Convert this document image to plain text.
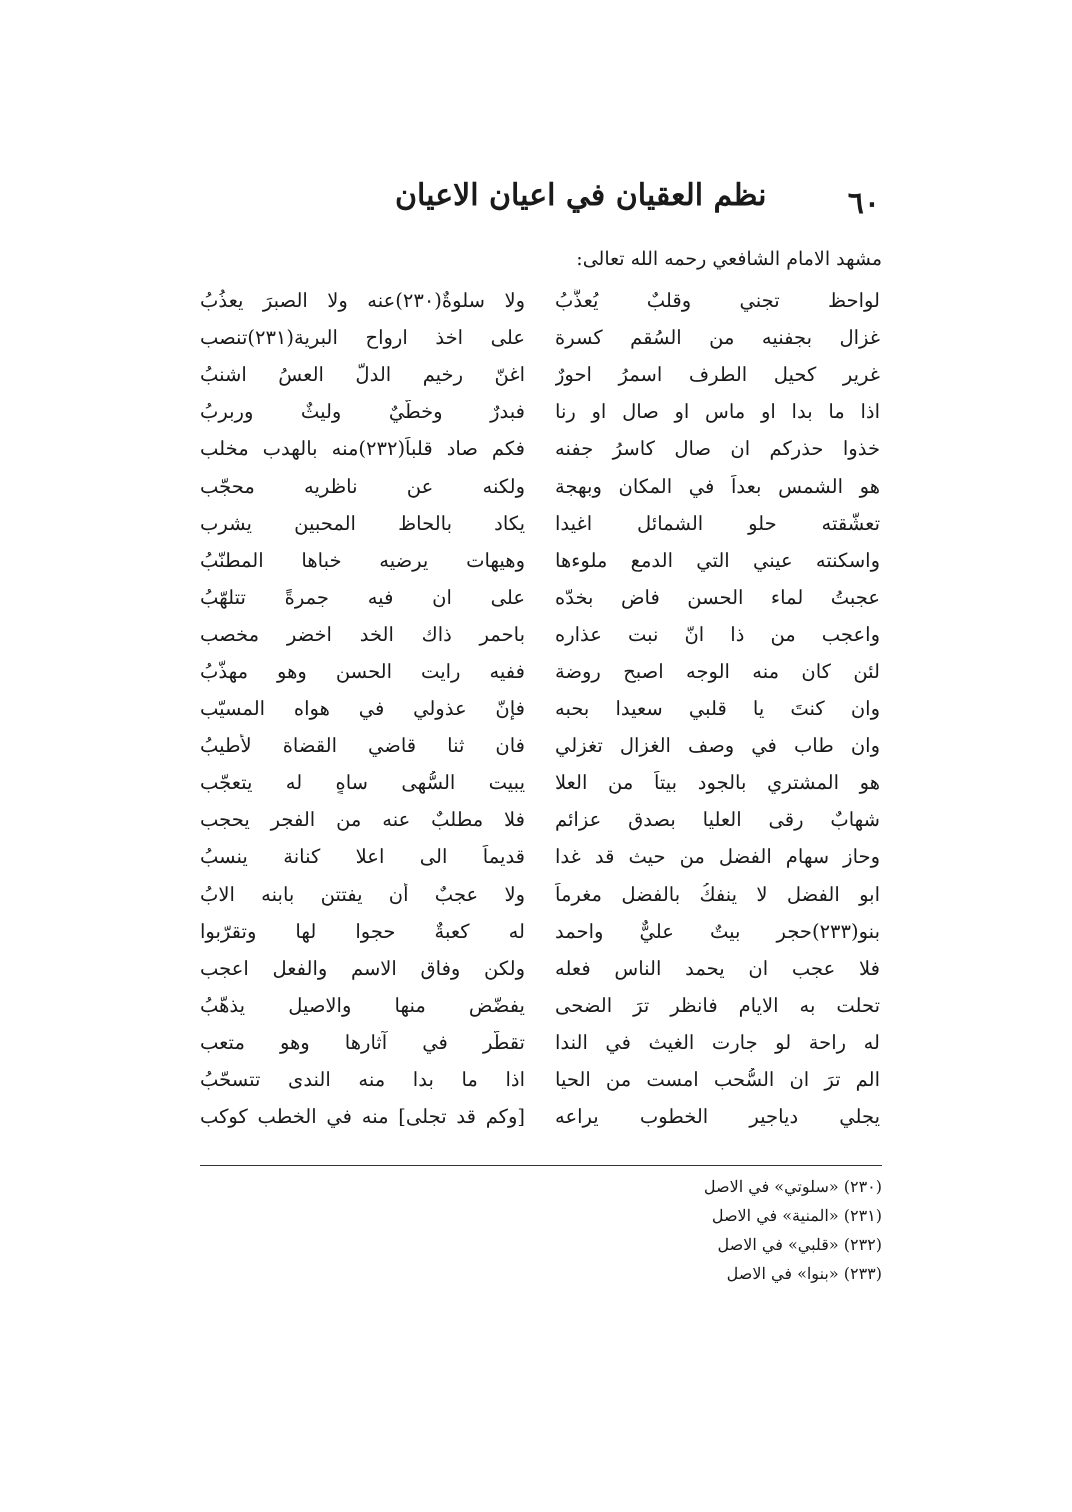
٦٠
نظم العقيان في اعيان الاعيان
مشهد الامام الشافعي رحمه الله تعالى:
لواحظ تجني وقلبٌ يُعذَّبُ
ولا سلوةٌ(٢٣٠)عنه ولا الصبرَ يعذُبُ
غزال بجفنيه من السُقم كسرة
على اخذ ارواح البرية(٢٣١)تنصب
غرير كحيل الطرف اسمرُ احورٌ
اغنّ رخيم الدلّ العسُ اشنبُ
اذا ما بدا او ماس او صال او رنا
فبدرٌ وخطّيٌ وليثٌ وربربُ
خذوا حذركم ان صال كاسرُ جفنه
فكم صاد قلباً(٢٣٢)منه بالهدب مخلب
هو الشمس بعداً في المكان وبهجة
ولكنه عن ناظريه محجّب
تعشّقته حلو الشمائل اغيدا
يكاد بالحاظ المحبين يشرب
واسكنته عيني التي الدمع ملوءها
وهيهات يرضيه خباها المطنّبُ
عجبتُ لماء الحسن فاض بخدّه
على ان فيه جمرةً تتلهّبُ
واعجب من ذا انّ نبت عذاره
باحمر ذاك الخد اخضر مخصب
لئن كان منه الوجه اصبح روضة
ففيه رايت الحسن وهو مهذّبُ
وان كنتَ يا قلبي سعيدا بحبه
فإنّ عذولي في هواه المسيّب
وان طاب في وصف الغزال تغزلي
فان ثنا قاضي القضاة لأطيبُ
هو المشتري بالجود بيتاً من العلا
يبيت السُّهى ساهٍ له يتعجّب
شهابٌ رقى العليا بصدق عزائمٍ
فلا مطلبٌ عنه من الفجر يحجب
وحاز سهام الفضل من حيث قد غدا
قديماً الى اعلا كنانة ينسبُ
ابو الفضل لا ينفكُ بالفضل مغرماً
ولا عجبٌ أن يفتتن بابنه الابُ
بنو(٢٣٣)حجرٍ بيتٌ عليٌّ واحمد
له كعبةٌ حجوا لها وتقرّبوا
فلا عجب ان يحمد الناس فعله
ولكن وفاق الاسم والفعل اعجب
تحلت به الايام فانظر ترَ الضحى
يفضّض منها والاصيل يذهّبُ
له راحة لو جارت الغيث في الندا
تقطّر في آثارها وهو متعب
الم ترَ ان السُّحب امست من الحيا
اذا ما بدا منه الندى تتسحّبُ
يجلي دياجير الخطوب يراعه
[وكم قد تجلى] منه في الخطب كوكب
(٢٣٠) «سلوتي» في الاصل
(٢٣١) «المنية» في الاصل
(٢٣٢) «قلبي» في الاصل
(٢٣٣) «بنوا» في الاصل
